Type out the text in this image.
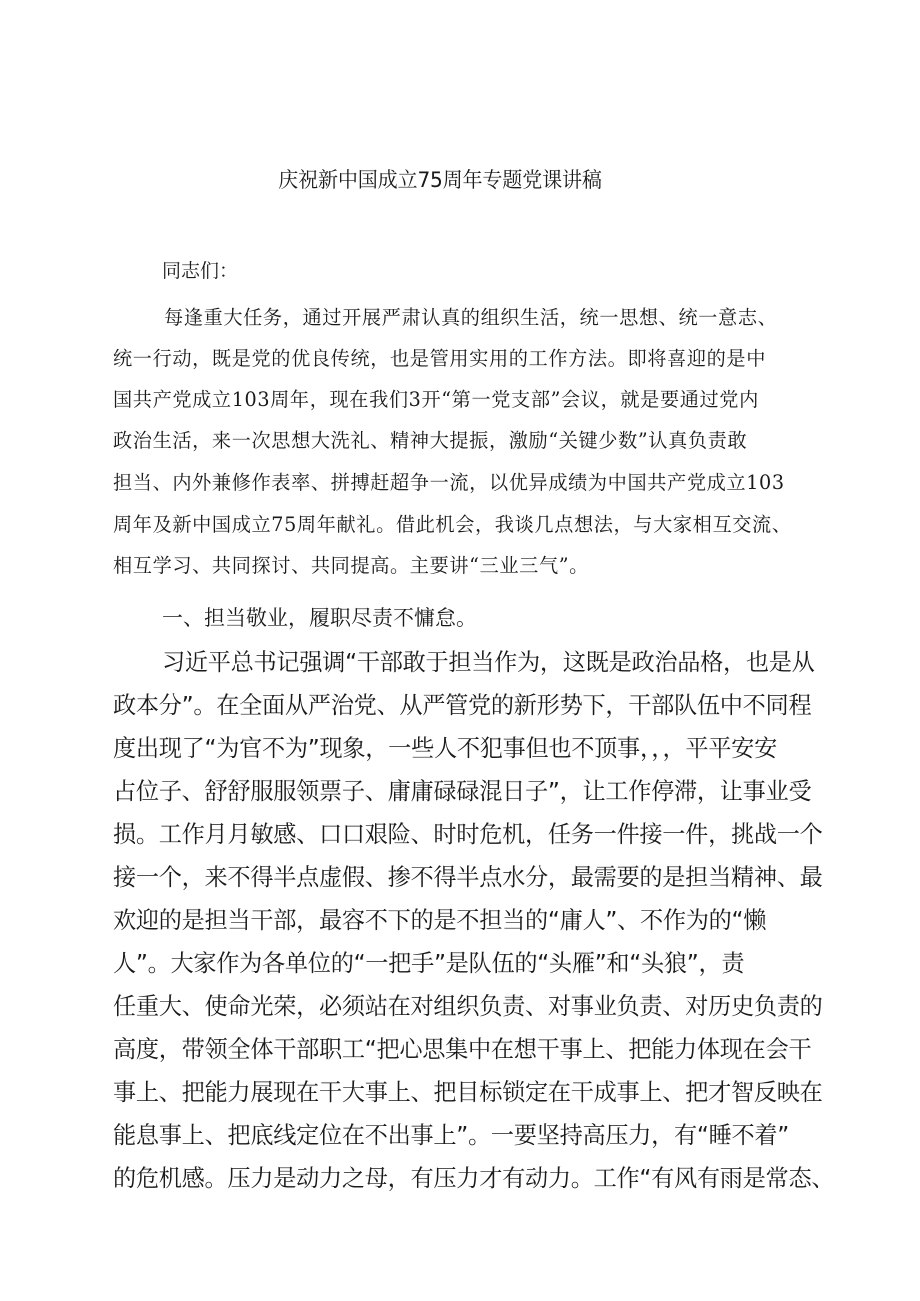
庆祝新中国成立75周年专题党课讲稿
同志们：
每逢重大任务，通过开展严肃认真的组织生活，统一思想、统一意志、
统一行动，既是党的优良传统，也是管用实用的工作方法。即将喜迎的是中
国共产党成立103周年，现在我们3开“第一党支部”会议，就是要通过党内
政治生活，来一次思想大洗礼、精神大提振，激励“关键少数”认真负责敢
担当、内外兼修作表率、拼搏赶超争一流，以优异成绩为中国共产党成立103
周年及新中国成立75周年献礼。借此机会，我谈几点想法，与大家相互交流、
相互学习、共同探讨、共同提高。主要讲“三业三气”。
一、担当敬业，履职尽责不慵怠。
习近平总书记强调“干部敢于担当作为，这既是政治品格，也是从
政本分”。在全面从严治党、从严管党的新形势下，干部队伍中不同程
度出现了“为官不为”现象，一些人不犯事但也不顶事，，，平平安安
占位子、舒舒服服领票子、庸庸碌碌混日子”，让工作停滞，让事业受
损。工作月月敏感、口口艰险、时时危机，任务一件接一件，挑战一个
接一个，来不得半点虚假、掺不得半点水分，最需要的是担当精神、最
欢迎的是担当干部，最容不下的是不担当的“庸人”、不作为的“懒
人”。大家作为各单位的“一把手”是队伍的“头雁”和“头狼”，责
任重大、使命光荣，必须站在对组织负责、对事业负责、对历史负责的
高度，带领全体干部职工“把心思集中在想干事上、把能力体现在会干
事上、把能力展现在干大事上、把目标锁定在干成事上、把才智反映在
能息事上、把底线定位在不出事上”。一要坚持高压力，有“睡不着”
的危机感。压力是动力之母，有压力才有动力。工作“有风有雨是常态、
